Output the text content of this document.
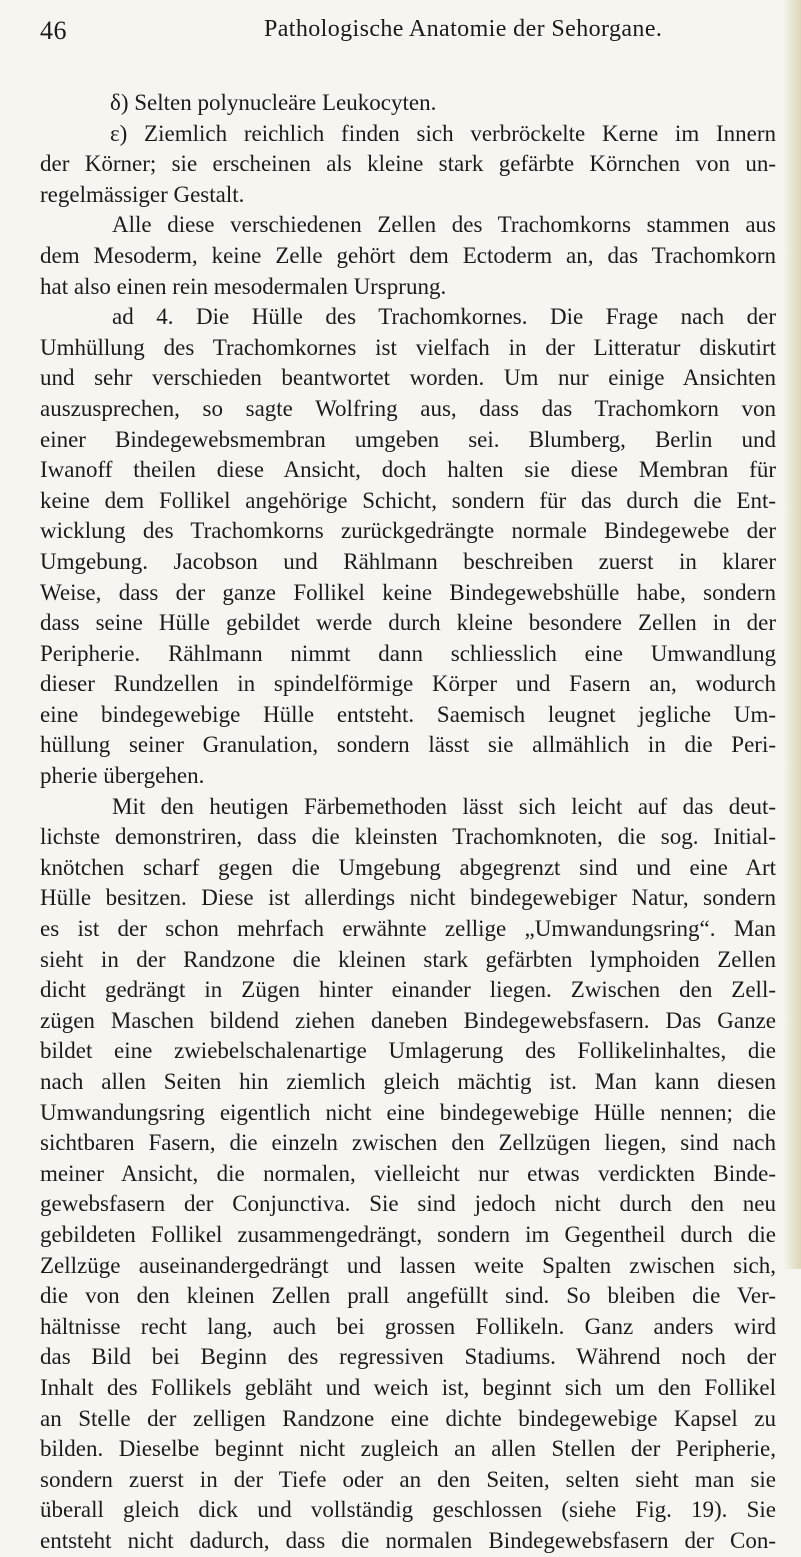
46	Pathologische Anatomie der Sehorgane.
δ) Selten polynucleäre Leukocyten.
ε) Ziemlich reichlich finden sich verbröckelte Kerne im Innern
der Körner; sie erscheinen als kleine stark gefärbte Körnchen von un-
regelmässiger Gestalt.
Alle diese verschiedenen Zellen des Trachomkorns stammen aus
dem Mesoderm, keine Zelle gehört dem Ectoderm an, das Trachomkorn
hat also einen rein mesodermalen Ursprung.
ad 4. Die Hülle des Trachomkornes. Die Frage nach der
Umhüllung des Trachomkornes ist vielfach in der Litteratur diskutirt
und sehr verschieden beantwortet worden. Um nur einige Ansichten
auszusprechen, so sagte Wolfring aus, dass das Trachomkorn von
einer Bindegewebsmembran umgeben sei. Blumberg, Berlin und
Iwanoff theilen diese Ansicht, doch halten sie diese Membran für
keine dem Follikel angehörige Schicht, sondern für das durch die Ent-
wicklung des Trachomkorns zurückgedrängte normale Bindegewebe der
Umgebung. Jacobson und Rählmann beschreiben zuerst in klarer
Weise, dass der ganze Follikel keine Bindegewebshülle habe, sondern
dass seine Hülle gebildet werde durch kleine besondere Zellen in der
Peripherie. Rählmann nimmt dann schliesslich eine Umwandlung
dieser Rundzellen in spindelförmige Körper und Fasern an, wodurch
eine bindegewebige Hülle entsteht. Saemisch leugnet jegliche Um-
hüllung seiner Granulation, sondern lässt sie allmählich in die Peri-
pherie übergehen.
Mit den heutigen Färbemethoden lässt sich leicht auf das deut-
lichste demonstriren, dass die kleinsten Trachomknoten, die sog. Initial-
knötchen scharf gegen die Umgebung abgegrenzt sind und eine Art
Hülle besitzen. Diese ist allerdings nicht bindegewebiger Natur, sondern
es ist der schon mehrfach erwähnte zellige „Umwandungsring“. Man
sieht in der Randzone die kleinen stark gefärbten lymphoiden Zellen
dicht gedrängt in Zügen hinter einander liegen. Zwischen den Zell-
zügen Maschen bildend ziehen daneben Bindegewebsfasern. Das Ganze
bildet eine zwiebelschalenartige Umlagerung des Follikelinhaltes, die
nach allen Seiten hin ziemlich gleich mächtig ist. Man kann diesen
Umwandungsring eigentlich nicht eine bindegewebige Hülle nennen; die
sichtbaren Fasern, die einzeln zwischen den Zellzügen liegen, sind nach
meiner Ansicht, die normalen, vielleicht nur etwas verdickten Binde-
gewebsfasern der Conjunctiva. Sie sind jedoch nicht durch den neu
gebildeten Follikel zusammengedrängt, sondern im Gegentheil durch die
Zellzüge auseinandergedrängt und lassen weite Spalten zwischen sich,
die von den kleinen Zellen prall angefüllt sind. So bleiben die Ver-
hältnisse recht lang, auch bei grossen Follikeln. Ganz anders wird
das Bild bei Beginn des regressiven Stadiums. Während noch der
Inhalt des Follikels gebläht und weich ist, beginnt sich um den Follikel
an Stelle der zelligen Randzone eine dichte bindegewebige Kapsel zu
bilden. Dieselbe beginnt nicht zugleich an allen Stellen der Peripherie,
sondern zuerst in der Tiefe oder an den Seiten, selten sieht man sie
überall gleich dick und vollständig geschlossen (siehe Fig. 19). Sie
entsteht nicht dadurch, dass die normalen Bindegewebsfasern der Con-
